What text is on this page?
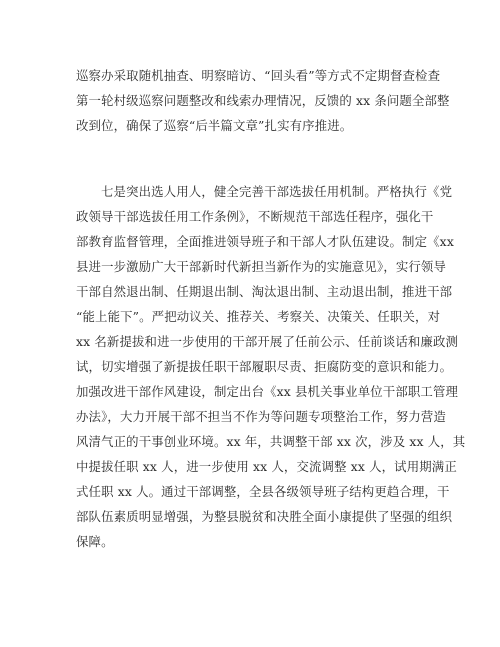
巡察办采取随机抽查、明察暗访、“回头看”等方式不定期督查检查
第一轮村级巡察问题整改和线索办理情况，反馈的 xx 条问题全部整
改到位，确保了巡察“后半篇文章”扎实有序推进。
七是突出选人用人，健全完善干部选拔任用机制。严格执行《党
政领导干部选拔任用工作条例》，不断规范干部选任程序，强化干
部教育监督管理，全面推进领导班子和干部人才队伍建设。制定《xx
县进一步激励广大干部新时代新担当新作为的实施意见》，实行领导
干部自然退出制、任期退出制、淘汰退出制、主动退出制，推进干部
“能上能下”。严把动议关、推荐关、考察关、决策关、任职关，对
xx 名新提拔和进一步使用的干部开展了任前公示、任前谈话和廉政测
试，切实增强了新提拔任职干部履职尽责、拒腐防变的意识和能力。
加强改进干部作风建设，制定出台《xx 县机关事业单位干部职工管理
办法》，大力开展干部不担当不作为等问题专项整治工作，努力营造
风清气正的干事创业环境。xx 年，共调整干部 xx 次，涉及 xx 人，其
中提拔任职 xx 人，进一步使用 xx 人，交流调整 xx 人，试用期满正
式任职 xx 人。通过干部调整，全县各级领导班子结构更趋合理，干
部队伍素质明显增强，为整县脱贫和决胜全面小康提供了坚强的组织
保障。
